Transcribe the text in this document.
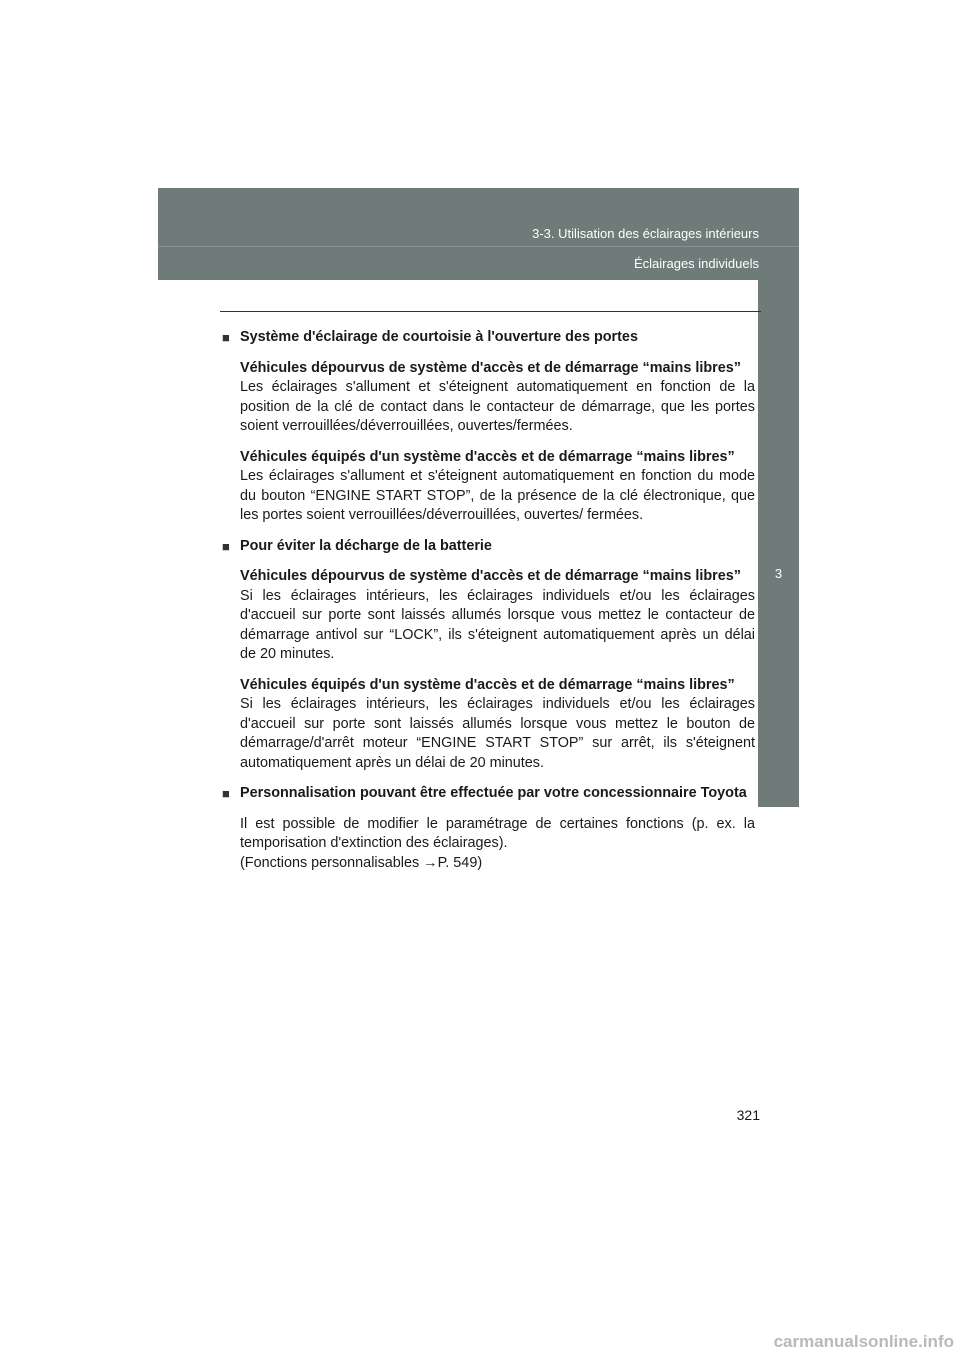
3-3. Utilisation des éclairages intérieurs
Éclairages individuels
3
Équipements intérieurs
■ Système d'éclairage de courtoisie à l'ouverture des portes
Véhicules dépourvus de système d'accès et de démarrage “mains libres”
Les éclairages s'allument et s'éteignent automatiquement en fonction de la position de la clé de contact dans le contacteur de démarrage, que les portes soient verrouillées/déverrouillées, ouvertes/fermées.
Véhicules équipés d'un système d'accès et de démarrage “mains libres”
Les éclairages s'allument et s'éteignent automatiquement en fonction du mode du bouton “ENGINE START STOP”, de la présence de la clé électronique, que les portes soient verrouillées/déverrouillées, ouvertes/ fermées.
■ Pour éviter la décharge de la batterie
Véhicules dépourvus de système d'accès et de démarrage “mains libres”
Si les éclairages intérieurs, les éclairages individuels et/ou les éclairages d'accueil sur porte sont laissés allumés lorsque vous mettez le contacteur de démarrage antivol sur “LOCK”, ils s'éteignent automatiquement après un délai de 20 minutes.
Véhicules équipés d'un système d'accès et de démarrage “mains libres”
Si les éclairages intérieurs, les éclairages individuels et/ou les éclairages d'accueil sur porte sont laissés allumés lorsque vous mettez le bouton de démarrage/d'arrêt moteur “ENGINE START STOP” sur arrêt, ils s'éteignent automatiquement après un délai de 20 minutes.
■ Personnalisation pouvant être effectuée par votre concessionnaire Toyota
Il est possible de modifier le paramétrage de certaines fonctions (p. ex. la temporisation d'extinction des éclairages).
(Fonctions personnalisables →P. 549)
321
carmanualsonline.info
